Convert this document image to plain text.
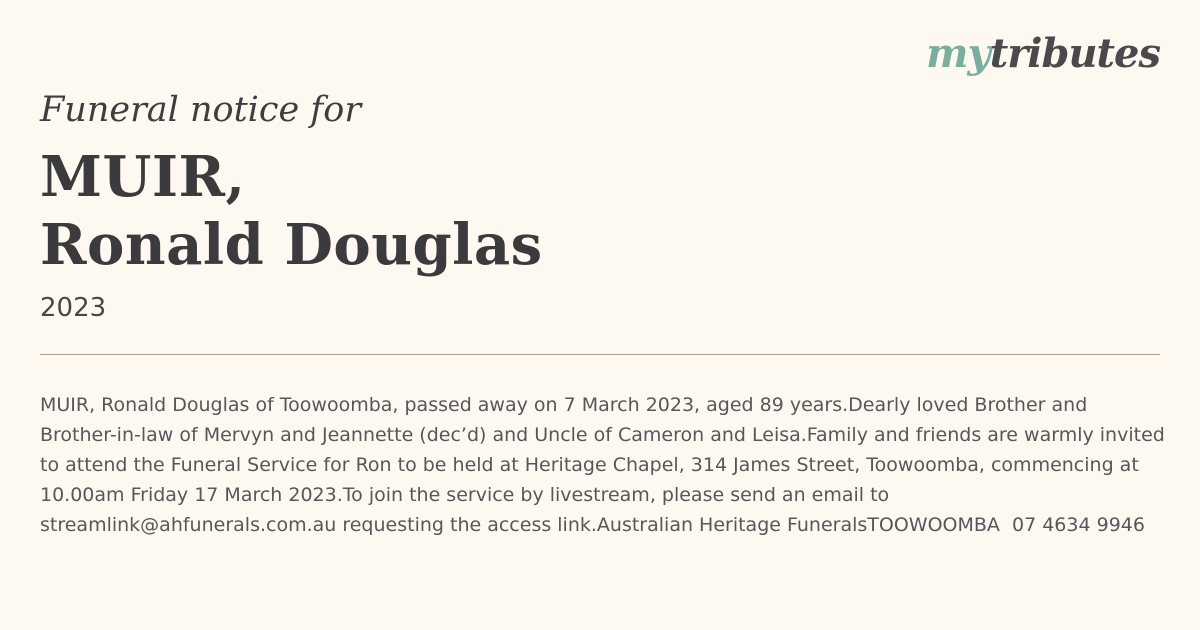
mytributes
Funeral notice for
MUIR,
Ronald Douglas
2023

MUIR, Ronald Douglas of Toowoomba, passed away on 7 March 2023, aged 89 years.Dearly loved Brother and Brother-in-law of Mervyn and Jeannette (dec’d) and Uncle of Cameron and Leisa.Family and friends are warmly invited to attend the Funeral Service for Ron to be held at Heritage Chapel, 314 James Street, Toowoomba, commencing at 10.00am Friday 17 March 2023.To join the service by livestream, please send an email to streamlink@ahfunerals.com.au requesting the access link.Australian Heritage FuneralsTOOWOOMBA  07 4634 9946
